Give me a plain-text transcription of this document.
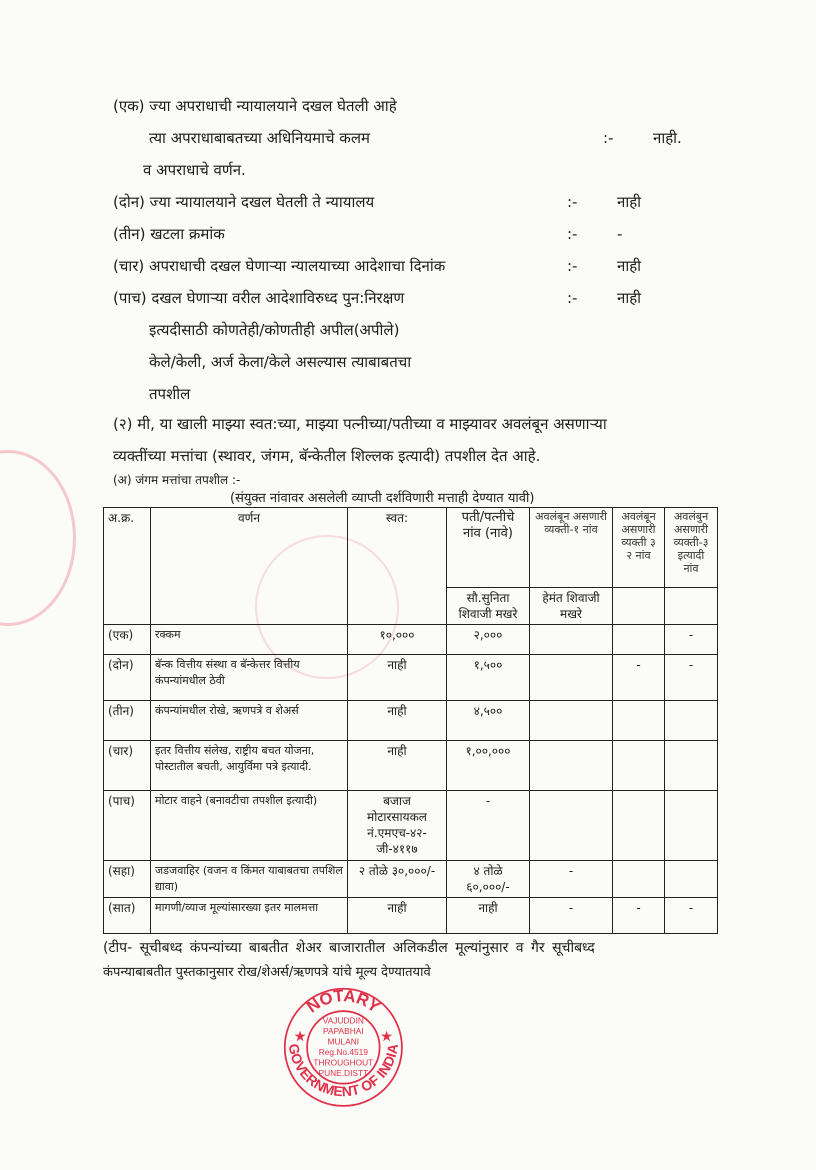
(एक) ज्या अपराधाची न्यायालयाने दखल घेतली आहे
त्या अपराधाबाबतच्या अधिनियमाचे कलम	:-	नाही.
व अपराधाचे वर्णन.
(दोन) ज्या न्यायालयाने दखल घेतली ते न्यायालय	:-	नाही
(तीन) खटला क्रमांक	:-	-
(चार) अपराधाची दखल घेणाऱ्या न्यालयाच्या आदेशाचा दिनांक	:-	नाही
(पाच) दखल घेणाऱ्या वरील आदेशाविरुध्द पुन:निरक्षण	:-	नाही
इत्यदीसाठी कोणतेही/कोणतीही अपील(अपीले)
केले/केली, अर्ज केला/केले असल्यास त्याबाबतचा
तपशील
(२) मी, या खाली माझ्या स्वत:च्या, माझ्या पत्नीच्या/पतीच्या व माझ्यावर अवलंबून असणाऱ्या
व्यक्तींच्या मत्तांचा (स्थावर, जंगम, बॅन्केतील शिल्लक इत्यादी) तपशील देत आहे.
(अ) जंगम मत्तांचा तपशील :-
(संयुक्त नांवावर असलेली व्याप्ती दर्शविणारी मत्ताही देण्यात यावी)
अ.क्र.	वर्णन	स्वत:	पती/पत्नीचे नांव (नावे)	अवलंबून असणारी व्यक्ती-१ नांव	अवलंबून असणारी व्यक्ती ३ २ नांव	अवलंबुन असणारी व्यक्ती-३ इत्यादी नांव
			सौ.सुनिता शिवाजी मखरे	हेमंत शिवाजी मखरे		
(एक)	रक्कम	१०,०००	२,०००			-
(दोन)	बॅन्क वित्तीय संस्था व बॅन्केत्तर वित्तीय कंपन्यांमधील ठेवी	नाही	१,५००		-	-
(तीन)	कंपन्यांमधील रोखे, ऋणपत्रे व शेअर्स	नाही	४,५००			
(चार)	इतर वित्तीय संलेख, राष्ट्रीय बचत योजना, पोस्टातील बचती, आयुर्विमा पत्रे इत्यादी.	नाही	१,००,०००			
(पाच)	मोटार वाहने (बनावटीचा तपशील इत्यादी)	बजाज मोटारसायकल नं.एमएच-४२-जी-४११७	-			
(सहा)	जडजवाहिर (वजन व किंमत याबाबतचा तपशिल द्यावा)	२ तोळे ३०,०००/-	४ तोळे ६०,०००/-	-		
(सात)	मागणी/व्याज मूल्यांसारख्या इतर मालमत्ता	नाही	नाही	-	-	-
(टीप- सूचीबध्द कंपन्यांच्या बाबतीत शेअर बाजारातील अलिकडील मूल्यांनुसार व गैर सूचीबध्द
कंपन्याबाबतीत पुस्तकानुसार रोख/शेअर्स/ऋणपत्रे यांचे मूल्य देण्यातयावे
NOTARY
GOVERNMENT OF INDIA
★	★
VAJUDDIN
PAPABHAI
MULANI
Reg.No.4519
THROUGHOUT
PUNE.DISTT
